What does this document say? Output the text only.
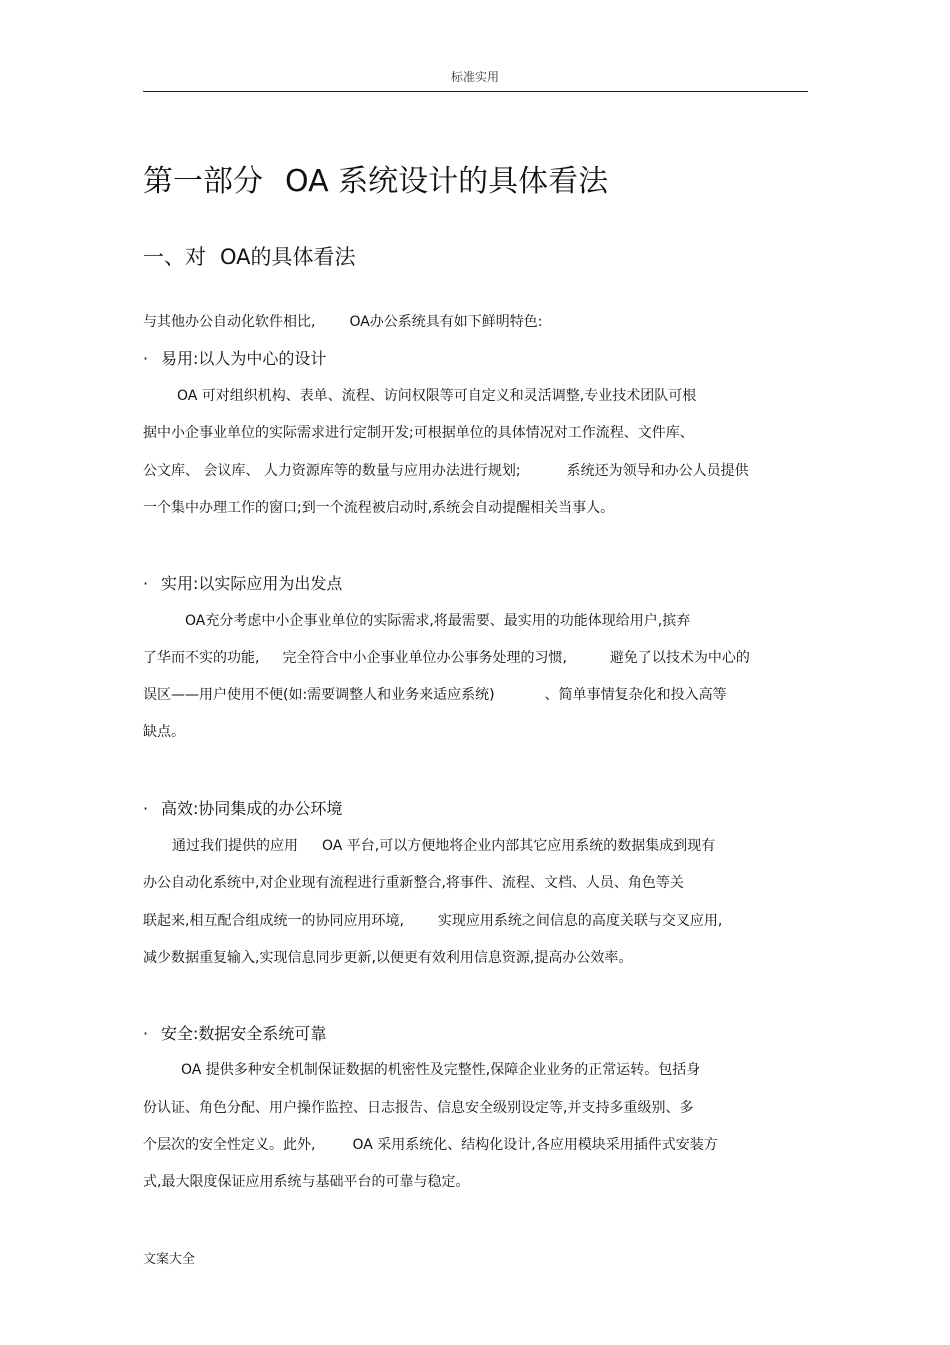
标准实用
第一部分 OA 系统设计的具体看法
一、对 OA的具体看法
与其他办公自动化软件相比, OA办公系统具有如下鲜明特色:
· 易用:以人为中心的设计
OA 可对组织机构、表单、流程、访问权限等可自定义和灵活调整,专业技术团队可根
据中小企事业单位的实际需求进行定制开发;可根据单位的具体情况对工作流程、文件库、
公文库、 会议库、 人力资源库等的数量与应用办法进行规划;	系统还为领导和办公人员提供
一个集中办理工作的窗口;到一个流程被启动时,系统会自动提醒相关当事人。
· 实用:以实际应用为出发点
OA充分考虑中小企事业单位的实际需求,将最需要、最实用的功能体现给用户,摈弃
了华而不实的功能, 完全符合中小企事业单位办公事务处理的习惯,	避免了以技术为中心的
误区——用户使用不便(如:需要调整人和业务来适应系统)	、简单事情复杂化和投入高等
缺点。
· 高效:协同集成的办公环境
通过我们提供的应用 OA 平台,可以方便地将企业内部其它应用系统的数据集成到现有
办公自动化系统中,对企业现有流程进行重新整合,将事件、流程、文档、人员、角色等关
联起来,相互配合组成统一的协同应用环境, 实现应用系统之间信息的高度关联与交叉应用,
减少数据重复输入,实现信息同步更新,以便更有效利用信息资源,提高办公效率。
· 安全:数据安全系统可靠
OA 提供多种安全机制保证数据的机密性及完整性,保障企业业务的正常运转。包括身
份认证、角色分配、用户操作监控、日志报告、信息安全级别设定等,并支持多重级别、多
个层次的安全性定义。此外,	OA 采用系统化、结构化设计,各应用模块采用插件式安装方
式,最大限度保证应用系统与基础平台的可靠与稳定。
文案大全
